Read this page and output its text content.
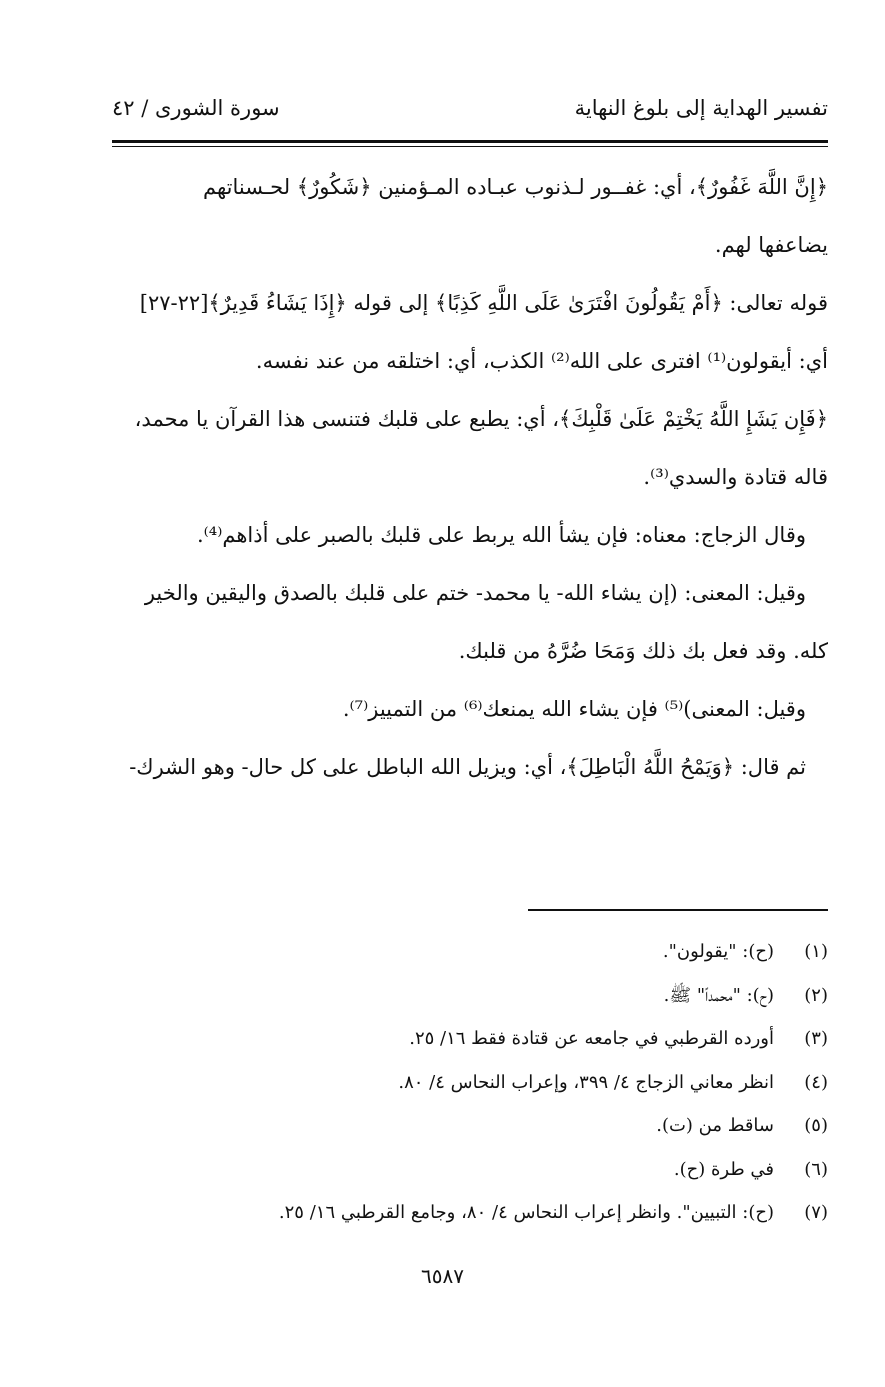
تفسير الهداية إلى بلوغ النهاية
سورة الشورى / ٤٢
﴿إِنَّ اللَّهَ غَفُورٌ﴾، أي: غفــور لـذنوب عبـاده المـؤمنين ﴿شَكُورٌ﴾ لحـسناتهم
يضاعفها لهم.
قوله تعالى: ﴿أَمْ يَقُولُونَ افْتَرَىٰ عَلَى اللَّهِ كَذِبًا﴾ إلى قوله ﴿إِذَا يَشَاءُ قَدِيرٌ﴾[٢٢-٢٧]
أي: أيقولون⁽¹⁾ افترى على الله⁽²⁾ الكذب، أي: اختلقه من عند نفسه.
﴿فَإِن يَشَإِ اللَّهُ يَخْتِمْ عَلَىٰ قَلْبِكَ﴾، أي: يطبع على قلبك فتنسى هذا القرآن يا محمد،
قاله قتادة والسدي⁽³⁾.
وقال الزجاج: معناه: فإن يشأ الله يربط على قلبك بالصبر على أذاهم⁽⁴⁾.
وقيل: المعنى: (إن يشاء الله- يا محمد- ختم على قلبك بالصدق واليقين والخير
كله. وقد فعل بك ذلك وَمَحَا ضُرَّهُ من قلبك.
وقيل: المعنى)⁽⁵⁾ فإن يشاء الله يمنعك⁽⁶⁾ من التمييز⁽⁷⁾.
ثم قال: ﴿وَيَمْحُ اللَّهُ الْبَاطِلَ﴾، أي: ويزيل الله الباطل على كل حال- وهو الشرك-
(١)(ح): "يقولون".
(٢)(ح): "محمداً" ﷺ.
(٣)أورده القرطبي في جامعه عن قتادة فقط ١٦/ ٢٥.
(٤)انظر معاني الزجاج ٤/ ٣٩٩، وإعراب النحاس ٤/ ٨٠.
(٥)ساقط من (ت).
(٦)في طرة (ح).
(٧)(ح): التبيين". وانظر إعراب النحاس ٤/ ٨٠، وجامع القرطبي ١٦/ ٢٥.
٦٥٨٧
